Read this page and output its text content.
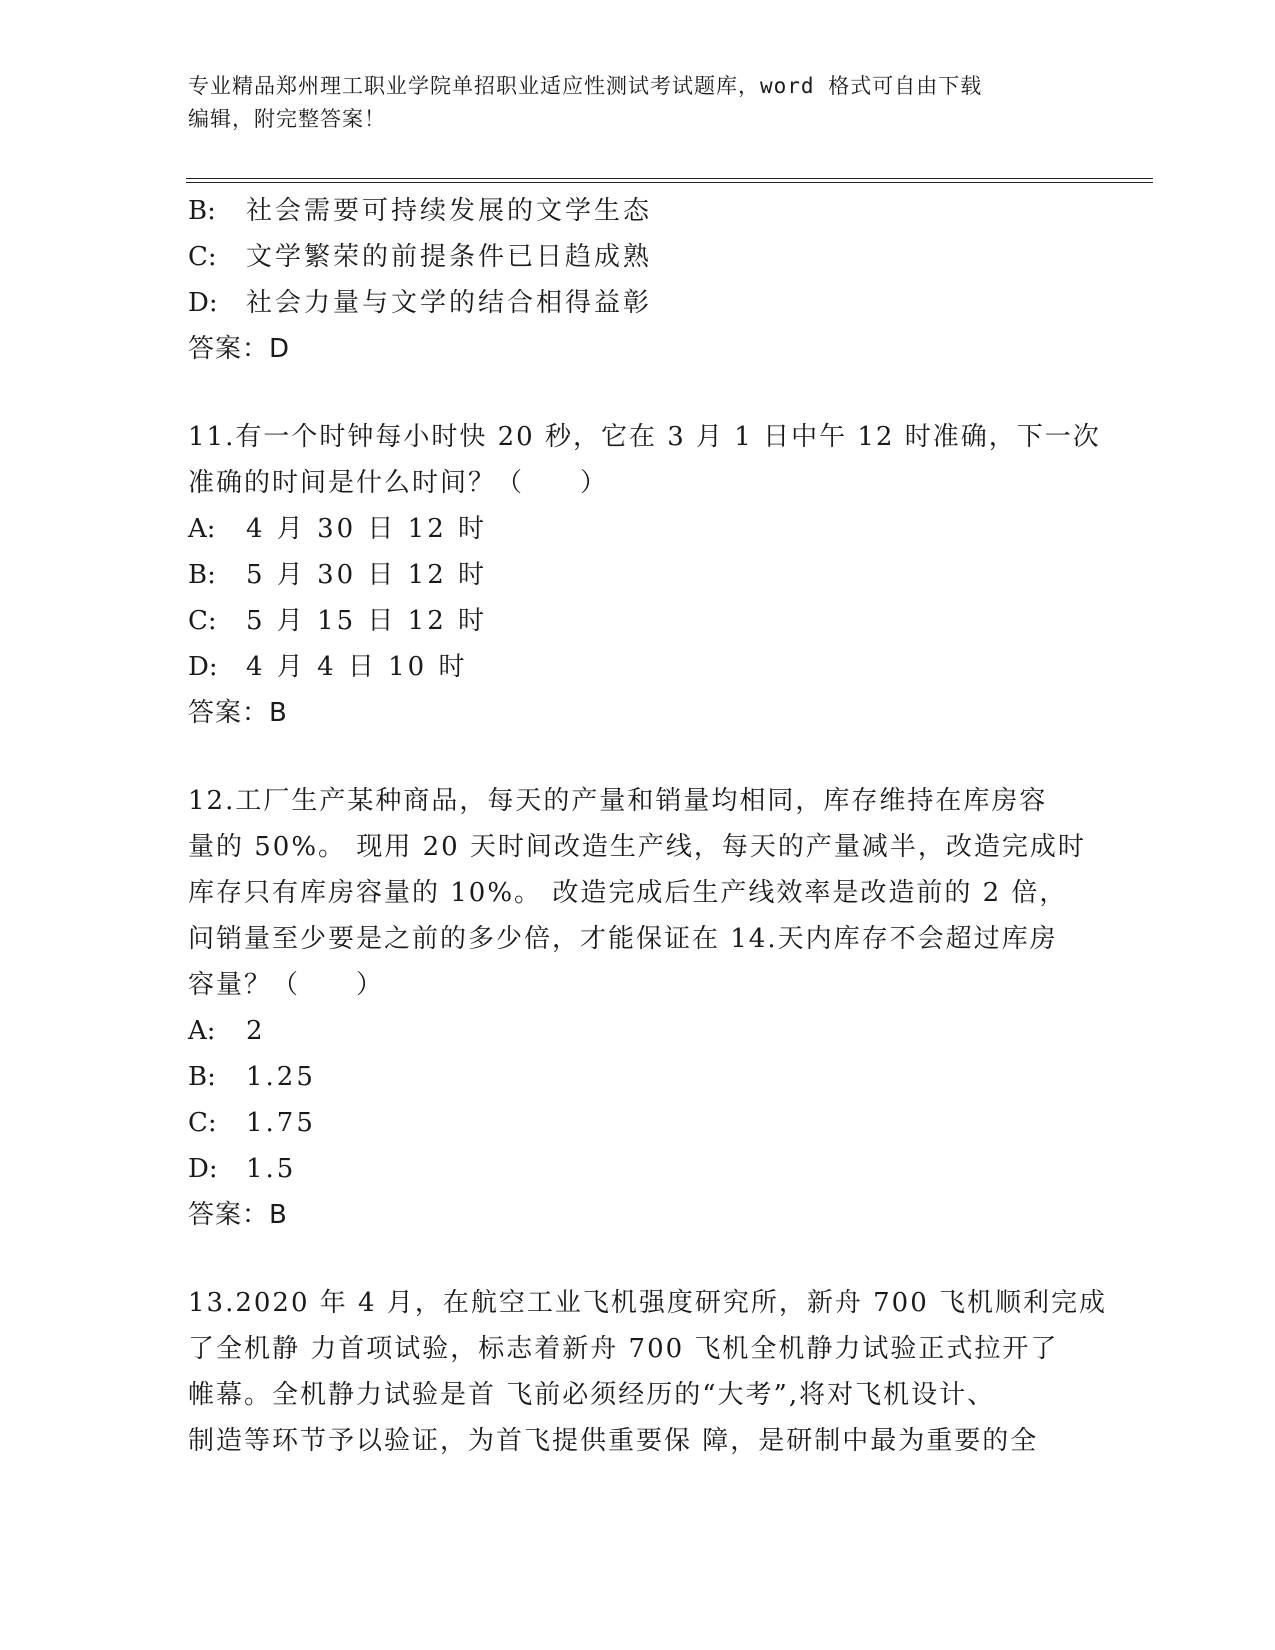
专业精品郑州理工职业学院单招职业适应性测试考试题库，word 格式可自由下载
编辑，附完整答案！
B: 社会需要可持续发展的文学生态
C: 文学繁荣的前提条件已日趋成熟
D: 社会力量与文学的结合相得益彰
答案：D
11.有一个时钟每小时快 20 秒，它在 3 月 1 日中午 12 时准确，下一次
准确的时间是什么时间？（　　）
A: 4 月 30 日 12 时
B: 5 月 30 日 12 时
C: 5 月 15 日 12 时
D: 4 月 4 日 10 时
答案：B
12.工厂生产某种商品，每天的产量和销量均相同，库存维持在库房容
量的 50%。 现用 20 天时间改造生产线，每天的产量减半，改造完成时
库存只有库房容量的 10%。 改造完成后生产线效率是改造前的 2 倍，
问销量至少要是之前的多少倍，才能保证在 14.天内库存不会超过库房
容量？（　　）
A: 2
B: 1.25
C: 1.75
D: 1.5
答案：B
13.2020 年 4 月，在航空工业飞机强度研究所，新舟 700 飞机顺利完成
了全机静 力首项试验，标志着新舟 700 飞机全机静力试验正式拉开了
帷幕。全机静力试验是首 飞前必须经历的“大考”,将对飞机设计、
制造等环节予以验证，为首飞提供重要保 障，是研制中最为重要的全
